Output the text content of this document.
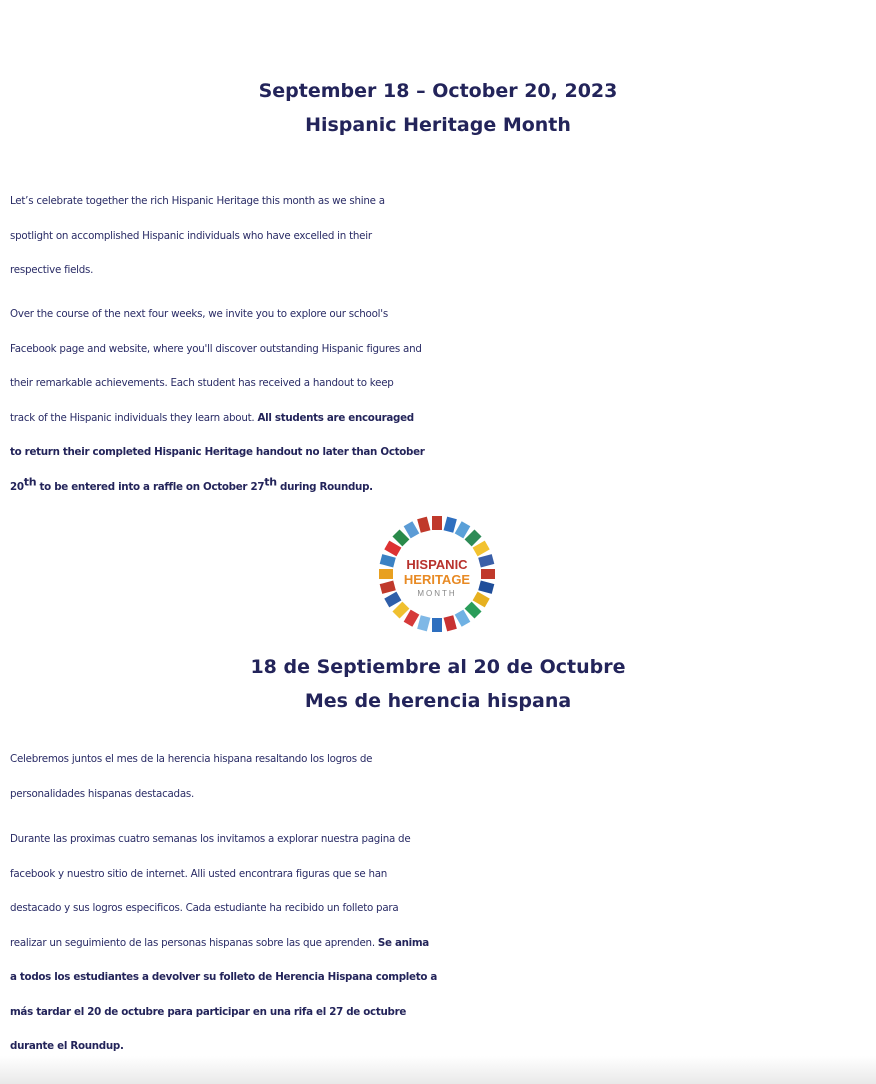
September 18 – October 20, 2023
Hispanic Heritage Month
Let’s celebrate together the rich Hispanic Heritage this month as we shine a
spotlight on accomplished Hispanic individuals who have excelled in their
respective fields.
Over the course of the next four weeks, we invite you to explore our school's
Facebook page and website, where you'll discover outstanding Hispanic figures and
their remarkable achievements. Each student has received a handout to keep
track of the Hispanic individuals they learn about. All students are encouraged
to return their completed Hispanic Heritage handout no later than October
20th to be entered into a raffle on October 27th during Roundup.
HISPANIC
HERITAGE
MONTH
18 de Septiembre al 20 de Octubre
Mes de herencia hispana
Celebremos juntos el mes de la herencia hispana resaltando los logros de
personalidades hispanas destacadas.
Durante las proximas cuatro semanas los invitamos a explorar nuestra pagina de
facebook y nuestro sitio de internet. Alli usted encontrara figuras que se han
destacado y sus logros especificos. Cada estudiante ha recibido un folleto para
realizar un seguimiento de las personas hispanas sobre las que aprenden. Se anima
a todos los estudiantes a devolver su folleto de Herencia Hispana completo a
más tardar el 20 de octubre para participar en una rifa el 27 de octubre
durante el Roundup.
